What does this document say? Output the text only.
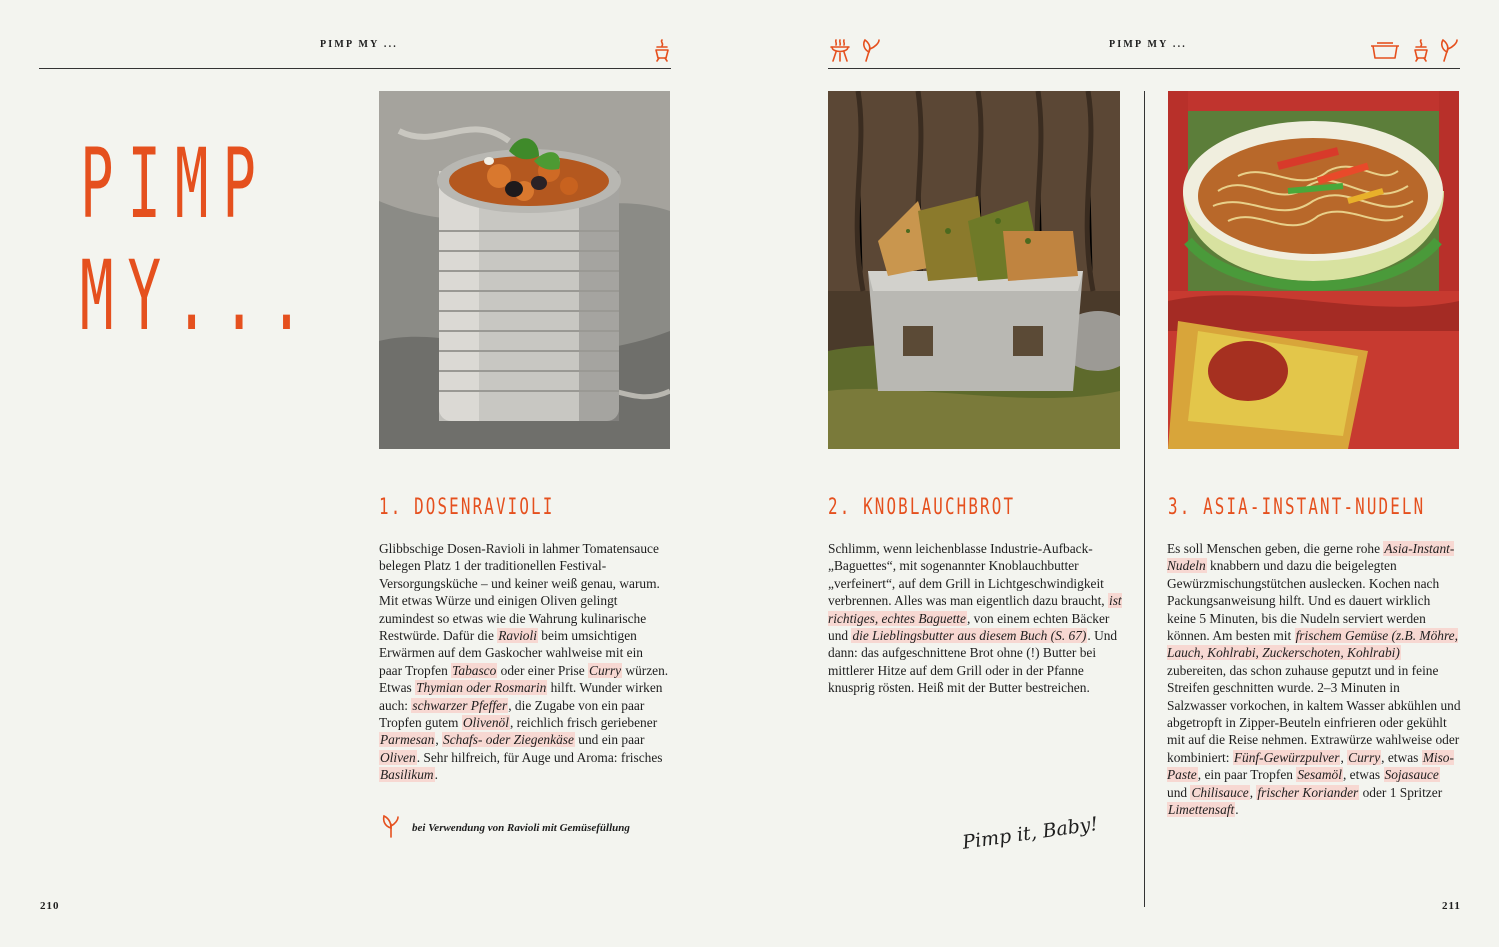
PIMP MY ...
PIMP
MY...
1. DOSENRAVIOLI

Glibbschige Dosen-Ravioli in lahmer Tomatensauce belegen Platz 1 der traditionellen Festival-Versorgungsküche – und keiner weiß genau, warum. Mit etwas Würze und einigen Oliven gelingt zumindest so etwas wie die Wahrung kulinarische Restwürde. Dafür die Ravioli beim umsichtigen Erwärmen auf dem Gaskocher wahlweise mit ein paar Tropfen Tabasco oder einer Prise Curry würzen. Etwas Thymian oder Rosmarin hilft. Wunder wirken auch: schwarzer Pfeffer, die Zugabe von ein paar Tropfen gutem Olivenöl, reichlich frisch geriebener Parmesan, Schafs- oder Ziegenkäse und ein paar Oliven. Sehr hilfreich, für Auge und Aroma: frisches Basilikum.

bei Verwendung von Ravioli mit Gemüsefüllung
210
PIMP MY ...
2. KNOBLAUCHBROT

Schlimm, wenn leichenblasse Industrie-Aufback-„Baguettes“, mit sogenannter Knoblauchbutter „verfeinert“, auf dem Grill in Lichtgeschwindigkeit verbrennen. Alles was man eigentlich dazu braucht, ist richtiges, echtes Baguette, von einem echten Bäcker und die Lieblingsbutter aus diesem Buch (S. 67). Und dann: das aufgeschnittene Brot ohne (!) Butter bei mittlerer Hitze auf dem Grill oder in der Pfanne knusprig rösten. Heiß mit der Butter bestreichen.

3. ASIA-INSTANT-NUDELN

Es soll Menschen geben, die gerne rohe Asia-Instant-Nudeln knabbern und dazu die beigelegten Gewürzmischungstütchen auslecken. Kochen nach Packungsanweisung hilft. Und es dauert wirklich keine 5 Minuten, bis die Nudeln serviert werden können. Am besten mit frischem Gemüse (z.B. Möhre, Lauch, Kohlrabi, Zuckerschoten, Kohlrabi) zubereiten, das schon zuhause geputzt und in feine Streifen geschnitten wurde. 2–3 Minuten in Salzwasser vorkochen, in kaltem Wasser abkühlen und abgetropft in Zipper-Beuteln einfrieren oder gekühlt mit auf die Reise nehmen. Extrawürze wahlweise oder kombiniert: Fünf-Gewürzpulver, Curry, etwas Miso-Paste, ein paar Tropfen Sesamöl, etwas Sojasauce und Chilisauce, frischer Koriander oder 1 Spritzer Limettensaft.

Pimp it, Baby!
211
